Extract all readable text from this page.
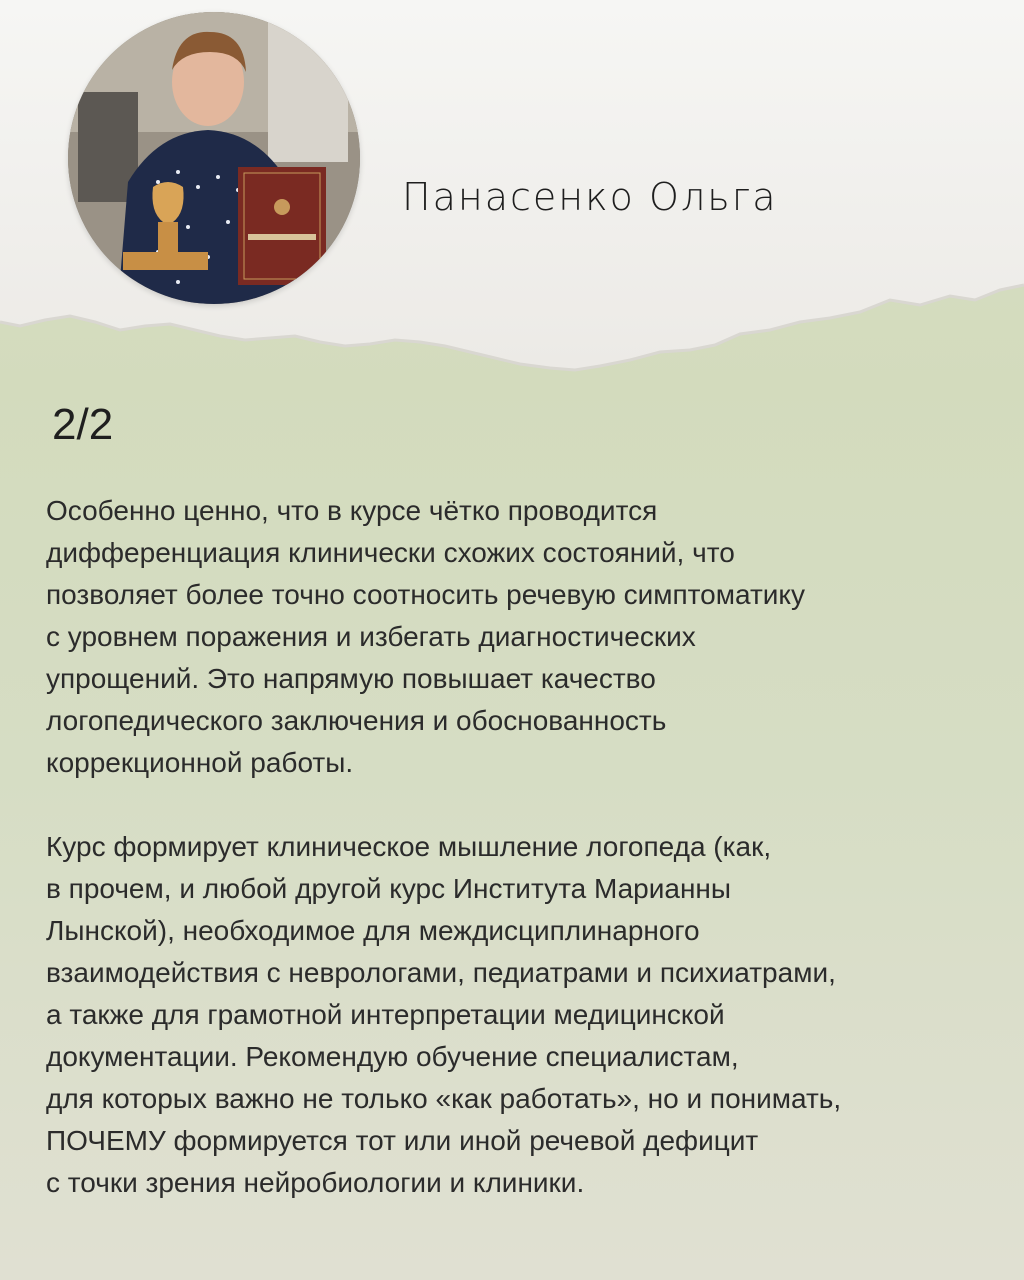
Панасенко Ольга
2/2

Особенно ценно, что в курсе чётко проводится

дифференциация клинически схожих состояний, что

позволяет более точно соотносить речевую симптоматику

с уровнем поражения и избегать диагностических

упрощений. Это напрямую повышает качество

логопедического заключения и обоснованность

коррекционной работы.

Курс формирует клиническое мышление логопеда (как,

в прочем, и любой другой курс Института Марианны

Лынской), необходимое для междисциплинарного

взаимодействия с неврологами, педиатрами и психиатрами,

а также для грамотной интерпретации медицинской

документации. Рекомендую обучение специалистам,

для которых важно не только «как работать», но и понимать,

ПОЧЕМУ формируется тот или иной речевой дефицит

с точки зрения нейробиологии и клиники.
